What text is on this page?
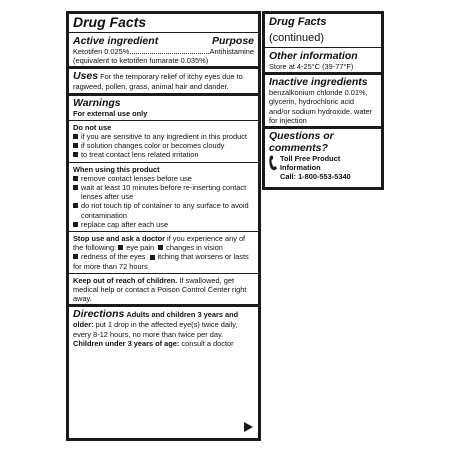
Drug Facts
Active ingredient	Purpose
Ketotifen 0.025%	Antihistamine
(equivalent to ketotifen fumarate 0.035%)
Uses For the temporary relief of itchy eyes due to ragweed, pollen, grass, animal hair and dander.
Warnings
For external use only
Do not use
if you are sensitive to any ingredient in this product
if solution changes color or becomes cloudy
to treat contact lens related irritation
When using this product
remove contact lenses before use
wait at least 10 minutes before re-inserting contact lenses after use
do not touch tip of container to any surface to avoid contamination
replace cap after each use
Stop use and ask a doctor if you experience any of the following: eye pain changes in vision
redness of the eyes itching that worsens or lasts for more than 72 hours
Keep out of reach of children. If swallowed, get medical help or contact a Poison Control Center right away.
Directions Adults and children 3 years and older: put 1 drop in the affected eye(s) twice daily, every 8-12 hours, no more than twice per day.
Children under 3 years of age: consult a doctor
Drug Facts (continued)
Other information
Store at 4-25°C (39-77°F)
Inactive ingredients
benzalkonium chloride 0.01%, glycerin, hydrochloric acid and/or sodium hydroxide, water for injection
Questions or comments?
Toll Free Product Information
Call: 1-800-553-5340
